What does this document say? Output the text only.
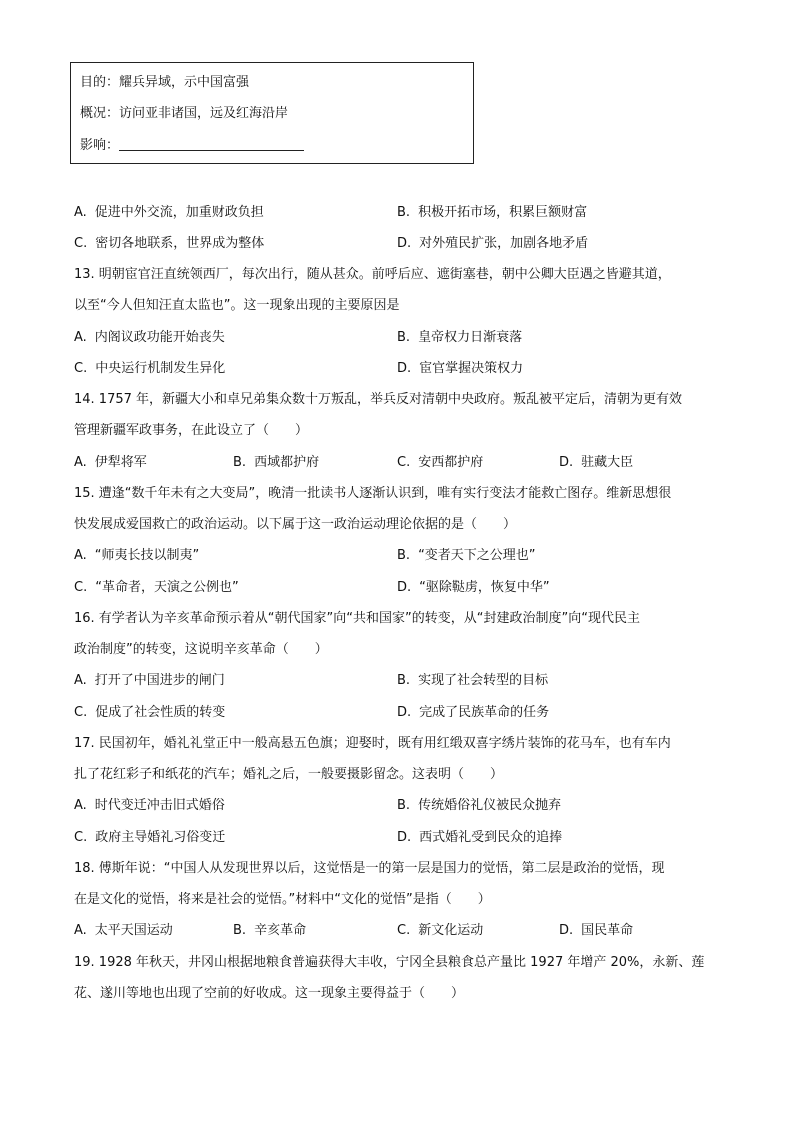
目的：耀兵异域，示中国富强
概况：访问亚非诸国，远及红海沿岸
影响：
A. 促进中外交流，加重财政负担	B. 积极开拓市场，积累巨额财富
C. 密切各地联系，世界成为整体	D. 对外殖民扩张，加剧各地矛盾
13. 明朝宦官汪直统领西厂，每次出行，随从甚众。前呼后应、遮街塞巷，朝中公卿大臣遇之皆避其道，
以至“今人但知汪直太监也”。这一现象出现的主要原因是
A. 内阁议政功能开始丧失	B. 皇帝权力日渐衰落
C. 中央运行机制发生异化	D. 宦官掌握决策权力
14. 1757 年，新疆大小和卓兄弟集众数十万叛乱，举兵反对清朝中央政府。叛乱被平定后，清朝为更有效
管理新疆军政事务，在此设立了（　　）
A. 伊犁将军	B. 西域都护府	C. 安西都护府	D. 驻藏大臣
15. 遭逢“数千年未有之大变局”，晚清一批读书人逐渐认识到，唯有实行变法才能救亡图存。维新思想很
快发展成爱国救亡的政治运动。以下属于这一政治运动理论依据的是（　　）
A. “师夷长技以制夷”	B. “变者天下之公理也”
C. “革命者，天演之公例也”	D. “驱除鞑虏，恢复中华”
16. 有学者认为辛亥革命预示着从“朝代国家”向“共和国家”的转变，从“封建政治制度”向“现代民主
政治制度”的转变，这说明辛亥革命（　　）
A. 打开了中国进步的闸门	B. 实现了社会转型的目标
C. 促成了社会性质的转变	D. 完成了民族革命的任务
17. 民国初年，婚礼礼堂正中一般高悬五色旗；迎娶时，既有用红缎双喜字绣片装饰的花马车，也有车内
扎了花红彩子和纸花的汽车；婚礼之后，一般要摄影留念。这表明（　　）
A. 时代变迁冲击旧式婚俗	B. 传统婚俗礼仪被民众抛弃
C. 政府主导婚礼习俗变迁	D. 西式婚礼受到民众的追捧
18. 傅斯年说：“中国人从发现世界以后，这觉悟是一的第一层是国力的觉悟，第二层是政治的觉悟，现
在是文化的觉悟，将来是社会的觉悟。”材料中“文化的觉悟”是指（　　）
A. 太平天国运动	B. 辛亥革命	C. 新文化运动	D. 国民革命
19. 1928 年秋天，井冈山根据地粮食普遍获得大丰收，宁冈全县粮食总产量比 1927 年增产 20%，永新、莲
花、遂川等地也出现了空前的好收成。这一现象主要得益于（　　）
